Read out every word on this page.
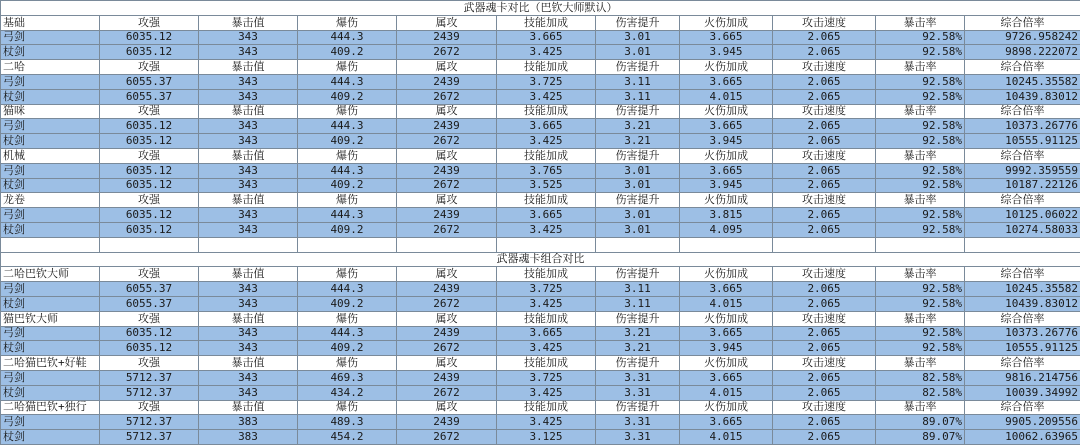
武器魂卡对比（巴钦大师默认）										
基础	攻强	暴击值	爆伤	属攻	技能加成	伤害提升	火伤加成	攻击速度	暴击率	综合倍率
弓剑	6035.12	343	444.3	2439	3.665	3.01	3.665	2.065	92.58%	9726.958242
杖剑	6035.12	343	409.2	2672	3.425	3.01	3.945	2.065	92.58%	9898.222072
二哈	攻强	暴击值	爆伤	属攻	技能加成	伤害提升	火伤加成	攻击速度	暴击率	综合倍率
弓剑	6055.37	343	444.3	2439	3.725	3.11	3.665	2.065	92.58%	10245.35582
杖剑	6055.37	343	409.2	2672	3.425	3.11	4.015	2.065	92.58%	10439.83012
猫咪	攻强	暴击值	爆伤	属攻	技能加成	伤害提升	火伤加成	攻击速度	暴击率	综合倍率
弓剑	6035.12	343	444.3	2439	3.665	3.21	3.665	2.065	92.58%	10373.26776
杖剑	6035.12	343	409.2	2672	3.425	3.21	3.945	2.065	92.58%	10555.91125
机械	攻强	暴击值	爆伤	属攻	技能加成	伤害提升	火伤加成	攻击速度	暴击率	综合倍率
弓剑	6035.12	343	444.3	2439	3.765	3.01	3.665	2.065	92.58%	9992.359559
杖剑	6035.12	343	409.2	2672	3.525	3.01	3.945	2.065	92.58%	10187.22126
龙卷	攻强	暴击值	爆伤	属攻	技能加成	伤害提升	火伤加成	攻击速度	暴击率	综合倍率
弓剑	6035.12	343	444.3	2439	3.665	3.01	3.815	2.065	92.58%	10125.06022
杖剑	6035.12	343	409.2	2672	3.425	3.01	4.095	2.065	92.58%	10274.58033

武器魂卡组合对比										
二哈巴钦大师	攻强	暴击值	爆伤	属攻	技能加成	伤害提升	火伤加成	攻击速度	暴击率	综合倍率
弓剑	6055.37	343	444.3	2439	3.725	3.11	3.665	2.065	92.58%	10245.35582
杖剑	6055.37	343	409.2	2672	3.425	3.11	4.015	2.065	92.58%	10439.83012
猫巴钦大师	攻强	暴击值	爆伤	属攻	技能加成	伤害提升	火伤加成	攻击速度	暴击率	综合倍率
弓剑	6035.12	343	444.3	2439	3.665	3.21	3.665	2.065	92.58%	10373.26776
杖剑	6035.12	343	409.2	2672	3.425	3.21	3.945	2.065	92.58%	10555.91125
二哈猫巴钦+好鞋	攻强	暴击值	爆伤	属攻	技能加成	伤害提升	火伤加成	攻击速度	暴击率	综合倍率
弓剑	5712.37	343	469.3	2439	3.725	3.31	3.665	2.065	82.58%	9816.214756
杖剑	5712.37	343	434.2	2672	3.425	3.31	4.015	2.065	82.58%	10039.34992
二哈猫巴钦+独行	攻强	暴击值	爆伤	属攻	技能加成	伤害提升	火伤加成	攻击速度	暴击率	综合倍率
弓剑	5712.37	383	489.3	2439	3.425	3.31	3.665	2.065	89.07%	9905.209556
杖剑	5712.37	383	454.2	2672	3.125	3.31	4.015	2.065	89.07%	10062.63965
